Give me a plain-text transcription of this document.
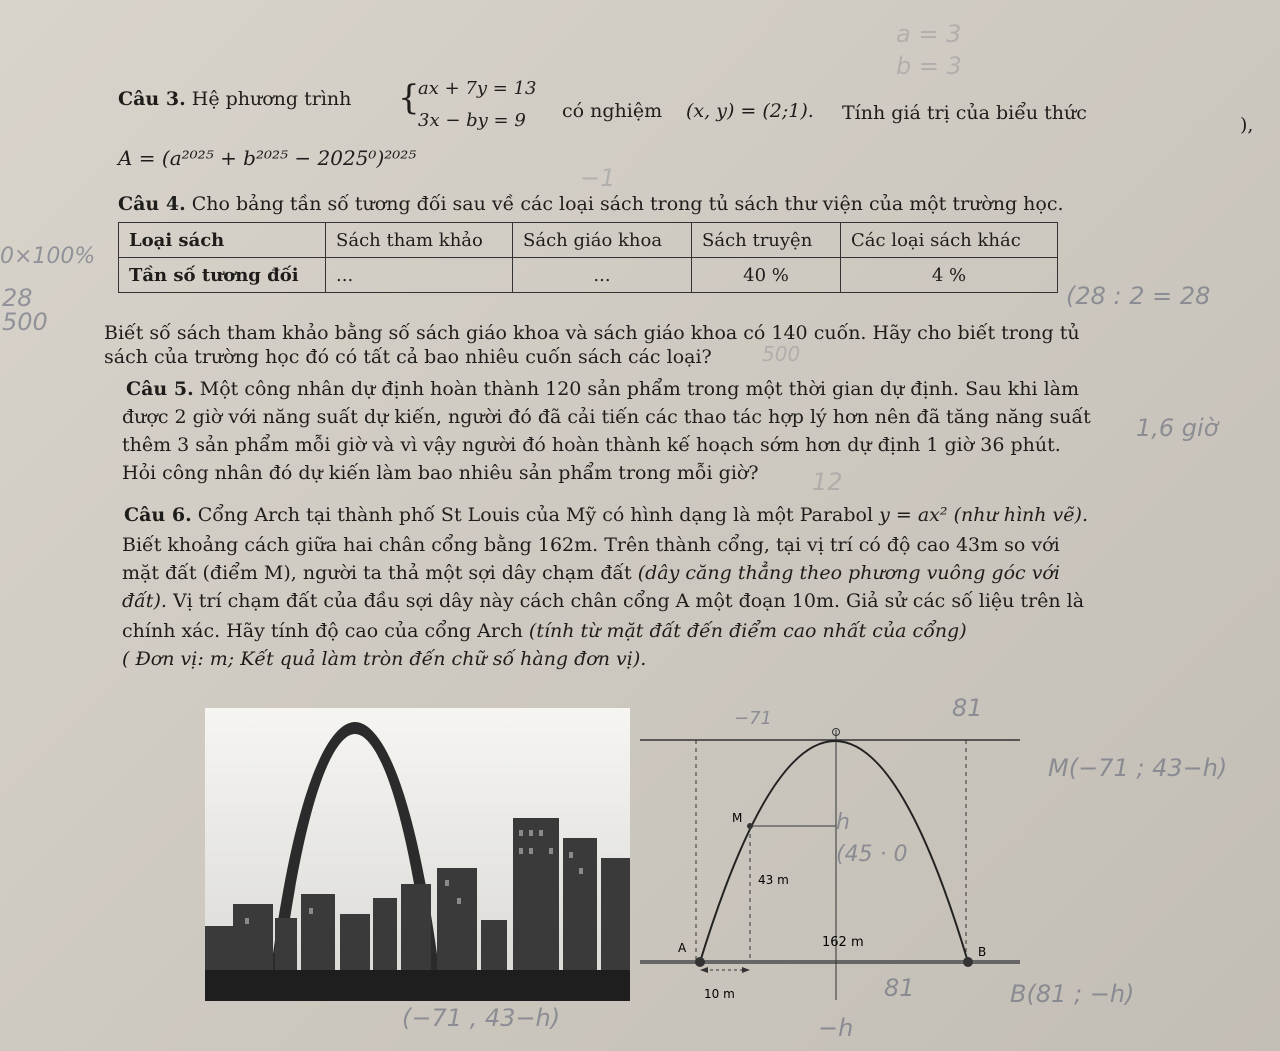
Câu 3. Hệ phương trình {
ax + 7y = 13
3x − by = 9 có nghiệm (x, y) = (2;1). Tính giá trị của biểu thức
),
A = (a²⁰²⁵ + b²⁰²⁵ − 2025⁰)²⁰²⁵
Câu 4. Cho bảng tần số tương đối sau về các loại sách trong tủ sách thư viện của một trường học.
Loại sách	Sách tham khảo	Sách giáo khoa	Sách truyện	Các loại sách khác
Tần số tương đối	...	...	40 %	4 %
Biết số sách tham khảo bằng số sách giáo khoa và sách giáo khoa có 140 cuốn. Hãy cho biết trong tủ
sách của trường học đó có tất cả bao nhiêu cuốn sách các loại?
Câu 5. Một công nhân dự định hoàn thành 120 sản phẩm trong một thời gian dự định. Sau khi làm
được 2 giờ với năng suất dự kiến, người đó đã cải tiến các thao tác hợp lý hơn nên đã tăng năng suất
thêm 3 sản phẩm mỗi giờ và vì vậy người đó hoàn thành kế hoạch sớm hơn dự định 1 giờ 36 phút.
Hỏi công nhân đó dự kiến làm bao nhiêu sản phẩm trong mỗi giờ?
Câu 6. Cổng Arch tại thành phố St Louis của Mỹ có hình dạng là một Parabol y = ax² (như hình vẽ).
Biết khoảng cách giữa hai chân cổng bằng 162m. Trên thành cổng, tại vị trí có độ cao 43m so với
mặt đất (điểm M), người ta thả một sợi dây chạm đất (dây căng thẳng theo phương vuông góc với
đất). Vị trí chạm đất của đầu sợi dây này cách chân cổng A một đoạn 10m. Giả sử các số liệu trên là
chính xác. Hãy tính độ cao của cổng Arch (tính từ mặt đất đến điểm cao nhất của cổng)
( Đơn vị: m; Kết quả làm tròn đến chữ số hàng đơn vị).
M
43 m
162 m
A	B
10 m
a = 3
b = 3
−1
0×100%
28
500
(28 : 2 = 28
500
1,6 giờ
12
M(−71 ; 43−h)
81
−71
h
(45 · 0
81	B(81 ; −h)
(−71 , 43−h)	−h
